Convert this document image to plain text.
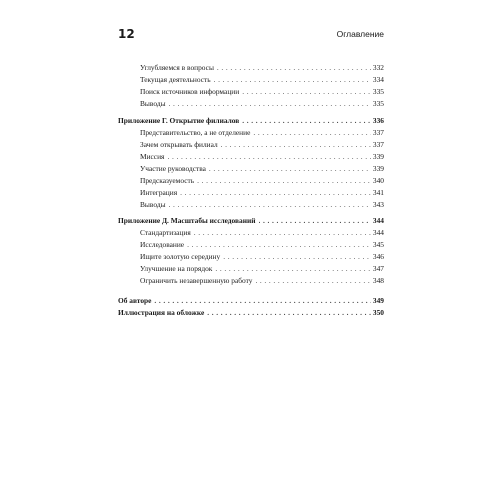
12	Оглавление
Углубляемся в вопросы . . .	332
Текущая деятельность . . .	334
Поиск источников информации . . .	335
Выводы . . .	335
Приложение Г. Открытие филиалов . . .	336
Представительство, а не отделение . . .	337
Зачем открывать филиал . . .	337
Миссия . . .	339
Участие руководства . . .	339
Предсказуемость . . .	340
Интеграция . . .	341
Выводы . . .	343
Приложение Д. Масштабы исследований . . .	344
Стандартизация . . .	344
Исследование . . .	345
Ищите золотую середину . . .	346
Улучшение на порядок . . .	347
Ограничить незавершенную работу . . .	348
Об авторе . . .	349
Иллюстрация на обложке . . .	350
